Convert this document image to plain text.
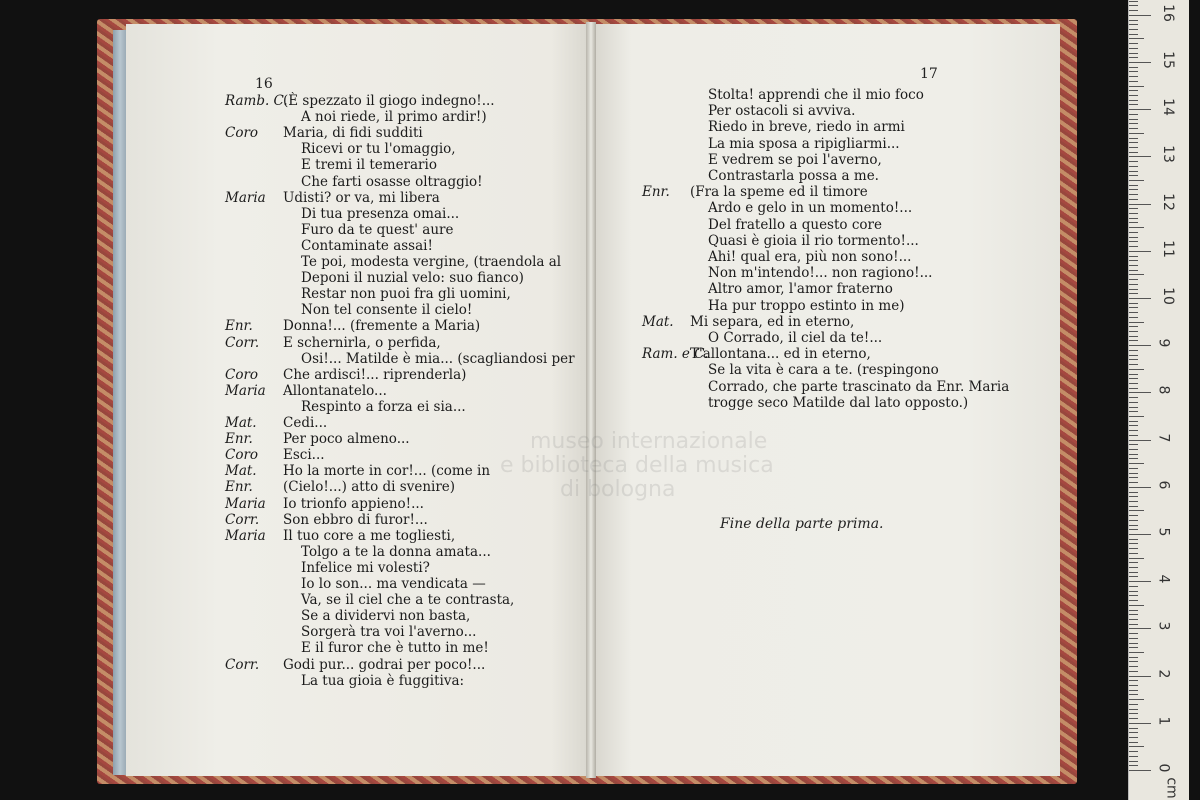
16
17
Ramb. C.
(È spezzato il giogo indegno!...
A noi riede, il primo ardir!)
Coro Maria, di fidi sudditi
Ricevi or tu l'omaggio,
E tremi il temerario
Che farti osasse oltraggio!
Maria Udisti? or va, mi libera
Di tua presenza omai...
Furo da te quest' aure
Contaminate assai!
Te poi, modesta vergine, (traendola al
Deponi il nuzial velo: suo fianco)
Restar non puoi fra gli uomini,
Non tel consente il cielo!
Enr. Donna!... (fremente a Maria)
Corr. E schernirla, o perfida,
Osi!... Matilde è mia... (scagliandosi per
Coro Che ardisci!... riprenderla)
Maria Allontanatelo...
Respinto a forza ei sia...
Mat. Cedi...
Enr. Per poco almeno...
Coro Esci...
Mat. Ho la morte in cor!... (come in
Enr. (Cielo!...) atto di svenire)
Maria Io trionfo appieno!...
Corr. Son ebbro di furor!...
Maria Il tuo core a me togliesti,
Tolgo a te la donna amata...
Infelice mi volesti?
Io lo son... ma vendicata —
Va, se il ciel che a te contrasta,
Se a dividervi non basta,
Sorgerà tra voi l'averno...
E il furor che è tutto in me!
Corr. Godi pur... godrai per poco!...
La tua gioia è fuggitiva:
Stolta! apprendi che il mio foco
Per ostacoli si avviva.
Riedo in breve, riedo in armi
La mia sposa a ripigliarmi...
E vedrem se poi l'averno,
Contrastarla possa a me.
Enr. (Fra la speme ed il timore
Ardo e gelo in un momento!...
Del fratello a questo core
Quasi è gioia il rio tormento!...
Ahi! qual era, più non sono!...
Non m'intendo!... non ragiono!...
Altro amor, l'amor fraterno
Ha pur troppo estinto in me)
Mat. Mi separa, ed in eterno,
O Corrado, il ciel da te!...
Ram. e C.
T'allontana... ed in eterno,
Se la vita è cara a te. (respingono
Corrado, che parte trascinato da Enr. Maria
trogge seco Matilde dal lato opposto.)
Fine della parte prima.
museo internazionale
e biblioteca della musica
di bologna
0
1
2
3
4
5
6
7
8
9
10
11
12
13
14
15
16
cm
